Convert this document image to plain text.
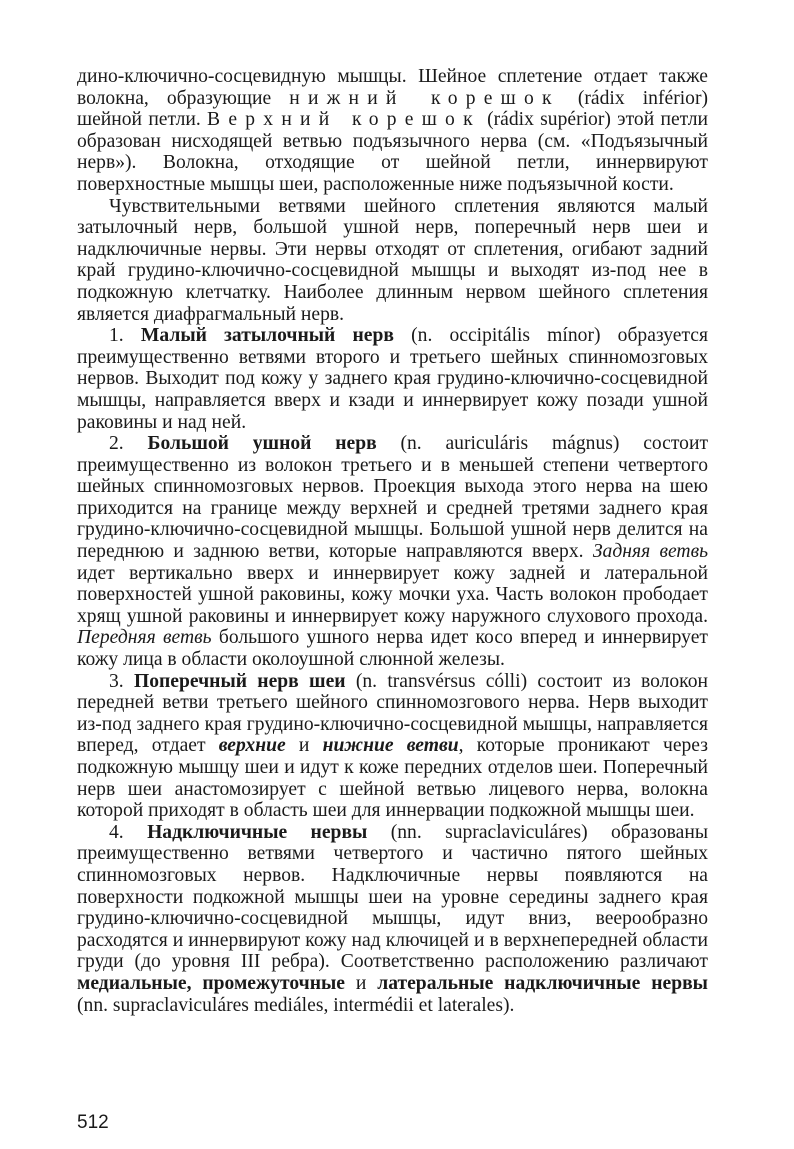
дино-ключично-сосцевидную мышцы. Шейное сплетение отдает также волокна, образующие нижний корешок (rádix inférior) шейной петли. Верхний корешок (rádix supérior) этой петли образован нисходящей ветвью подъязычного нерва (см. «Подъязычный нерв»). Волокна, отходящие от шейной петли, иннервируют поверхностные мышцы шеи, расположенные ниже подъязычной кости.

Чувствительными ветвями шейного сплетения являются малый затылочный нерв, большой ушной нерв, поперечный нерв шеи и надключичные нервы. Эти нервы отходят от сплетения, огибают задний край грудино-ключично-сосцевидной мышцы и выходят из-под нее в подкожную клетчатку. Наиболее длинным нервом шейного сплетения является диафрагмальный нерв.

1. Малый затылочный нерв (n. occipitális mínor) образуется преимущественно ветвями второго и третьего шейных спинномозговых нервов. Выходит под кожу у заднего края грудино-ключично-сосцевидной мышцы, направляется вверх и кзади и иннервирует кожу позади ушной раковины и над ней.

2. Большой ушной нерв (n. auriculáris mágnus) состоит преимущественно из волокон третьего и в меньшей степени четвертого шейных спинномозговых нервов. Проекция выхода этого нерва на шею приходится на границе между верхней и средней третями заднего края грудино-ключично-сосцевидной мышцы. Большой ушной нерв делится на переднюю и заднюю ветви, которые направляются вверх. Задняя ветвь идет вертикально вверх и иннервирует кожу задней и латеральной поверхностей ушной раковины, кожу мочки уха. Часть волокон прободает хрящ ушной раковины и иннервирует кожу наружного слухового прохода. Передняя ветвь большого ушного нерва идет косо вперед и иннервирует кожу лица в области околоушной слюнной железы.

3. Поперечный нерв шеи (n. transvérsus cólli) состоит из волокон передней ветви третьего шейного спинномозгового нерва. Нерв выходит из-под заднего края грудино-ключично-сосцевидной мышцы, направляется вперед, отдает верхние и нижние ветви, которые проникают через подкожную мышцу шеи и идут к коже передних отделов шеи. Поперечный нерв шеи анастомозирует с шейной ветвью лицевого нерва, волокна которой приходят в область шеи для иннервации подкожной мышцы шеи.

4. Надключичные нервы (nn. supraclaviculáres) образованы преимущественно ветвями четвертого и частично пятого шейных спинномозговых нервов. Надключичные нервы появляются на поверхности подкожной мышцы шеи на уровне середины заднего края грудино-ключично-сосцевидной мышцы, идут вниз, веерообразно расходятся и иннервируют кожу над ключицей и в верхнепередней области груди (до уровня III ребра). Соответственно расположению различают медиальные, промежуточные и латеральные надключичные нервы (nn. supraclaviculáres mediáles, intermédii et laterales).

512
